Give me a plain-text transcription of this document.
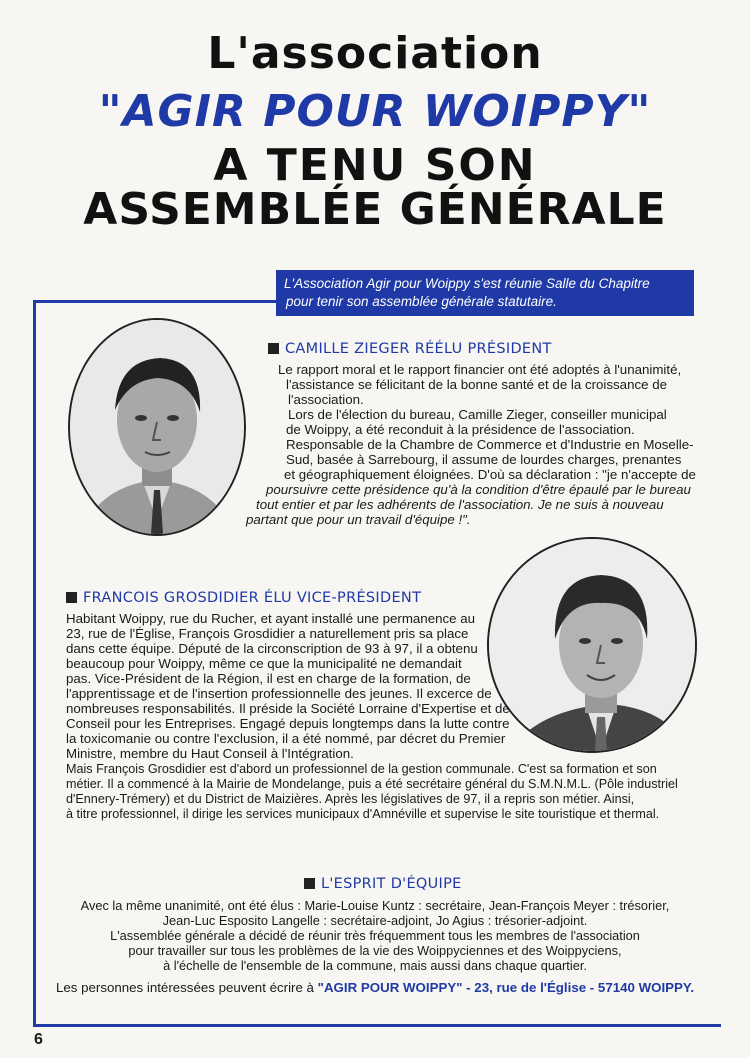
L'association
"AGIR POUR WOIPPY"
A TENU SON
ASSEMBLÉE GÉNÉRALE
L'Association Agir pour Woippy s'est réunie Salle du Chapitre
pour tenir son assemblée générale statutaire.
CAMILLE ZIEGER RÉÉLU PRÉSIDENT
Le rapport moral et le rapport financier ont été adoptés à l'unanimité,
l'assistance se félicitant de la bonne santé et de la croissance de
l'association.
Lors de l'élection du bureau, Camille Zieger, conseiller municipal
de Woippy, a été reconduit à la présidence de l'association.
Responsable de la Chambre de Commerce et d'Industrie en Moselle-
Sud, basée à Sarrebourg, il assume de lourdes charges, prenantes
et géographiquement éloignées. D'où sa déclaration : "je n'accepte de
poursuivre cette présidence qu'à la condition d'être épaulé par le bureau
tout entier et par les adhérents de l'association. Je ne suis à nouveau
partant que pour un travail d'équipe !".
FRANCOIS GROSDIDIER ÉLU VICE-PRÉSIDENT
Habitant Woippy, rue du Rucher, et ayant installé une permanence au
23, rue de l'Église, François Grosdidier a naturellement pris sa place
dans cette équipe. Député de la circonscription de 93 à 97, il a obtenu
beaucoup pour Woippy, même ce que la municipalité ne demandait
pas. Vice-Président de la Région, il est en charge de la formation, de
l'apprentissage et de l'insertion professionnelle des jeunes. Il excerce de
nombreuses responsabilités. Il préside la Société Lorraine d'Expertise et de
Conseil pour les Entreprises. Engagé depuis longtemps dans la lutte contre
la toxicomanie ou contre l'exclusion, il a été nommé, par décret du Premier
Ministre, membre du Haut Conseil à l'Intégration.
Mais François Grosdidier est d'abord un professionnel de la gestion communale. C'est sa formation et son
métier. Il a commencé à la Mairie de Mondelange, puis a été secrétaire général du S.M.N.M.L. (Pôle industriel
d'Ennery-Trémery) et du District de Maizières. Après les législatives de 97, il a repris son métier. Ainsi,
à titre professionnel, il dirige les services municipaux d'Amnéville et supervise le site touristique et thermal.
L'ESPRIT D'ÉQUIPE
Avec la même unanimité, ont été élus : Marie-Louise Kuntz : secrétaire, Jean-François Meyer : trésorier,
Jean-Luc Esposito Langelle : secrétaire-adjoint, Jo Agius : trésorier-adjoint.
L'assemblée générale a décidé de réunir très fréquemment tous les membres de l'association
pour travailler sur tous les problèmes de la vie des Woippyciennes et des Woippyciens,
à l'échelle de l'ensemble de la commune, mais aussi dans chaque quartier.
Les personnes intéressées peuvent écrire à "AGIR POUR WOIPPY" - 23, rue de l'Église - 57140 WOIPPY.
6
